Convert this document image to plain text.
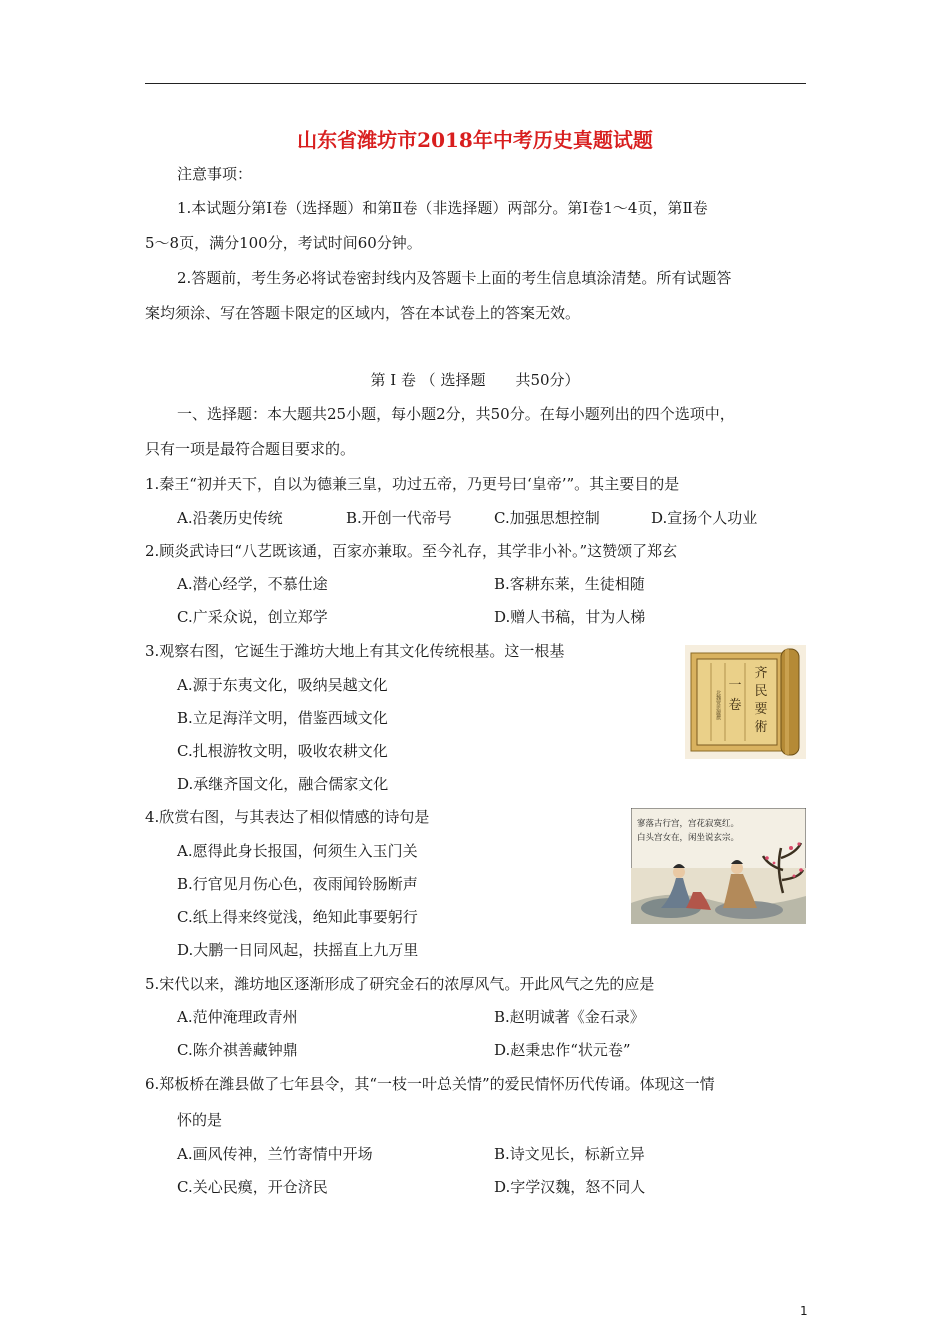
山东省潍坊市2018年中考历史真题试题
注意事项：
1.本试题分第Ⅰ卷（选择题）和第Ⅱ卷（非选择题）两部分。第Ⅰ卷1～4页，第Ⅱ卷
5～8页，满分100分，考试时间60分钟。
2.答题前，考生务必将试卷密封线内及答题卡上面的考生信息填涂清楚。所有试题答
案均须涂、写在答题卡限定的区域内，答在本试卷上的答案无效。
第 Ⅰ 卷 （ 选择题　　共50分）
一、选择题：本大题共25小题，每小题2分，共50分。在每小题列出的四个选项中，
只有一项是最符合题目要求的。
1.秦王“初并天下，自以为德兼三皇，功过五帝，乃更号曰‘皇帝’”。其主要目的是
A.沿袭历史传统	B.开创一代帝号	C.加强思想控制	D.宣扬个人功业
2.顾炎武诗曰“八艺既该通，百家亦兼取。至今礼存，其学非小补。”这赞颂了郑玄
A.潜心经学，不慕仕途	B.客耕东莱，生徒相随
C.广采众说，创立郑学	D.赠人书稿，甘为人梯
3.观察右图，它诞生于潍坊大地上有其文化传统根基。这一根基
A.源于东夷文化，吸纳吴越文化
B.立足海洋文明，借鉴西域文化
C.扎根游牧文明，吸收农耕文化
D.承继齐国文化，融合儒家文化
齐
民
要
術
一
卷
北魏贾思勰撰
4.欣赏右图，与其表达了相似情感的诗句是
A.愿得此身长报国，何须生入玉门关
B.行官见月伤心色，夜雨闻铃肠断声
C.纸上得来终觉浅，绝知此事要躬行
D.大鹏一日同风起，扶摇直上九万里
寥落古行宫，宫花寂寞红。
白头宫女在，闲坐说玄宗。
5.宋代以来，潍坊地区逐渐形成了研究金石的浓厚风气。开此风气之先的应是
A.范仲淹理政青州	B.赵明诚著《金石录》
C.陈介祺善藏钟鼎	D.赵秉忠作“状元卷”
6.郑板桥在潍县做了七年县令，其“一枝一叶总关情”的爱民情怀历代传诵。体现这一情
怀的是
A.画风传神，兰竹寄情中开场	B.诗文见长，标新立异
C.关心民瘼，开仓济民	D.字学汉魏，怒不同人
1
